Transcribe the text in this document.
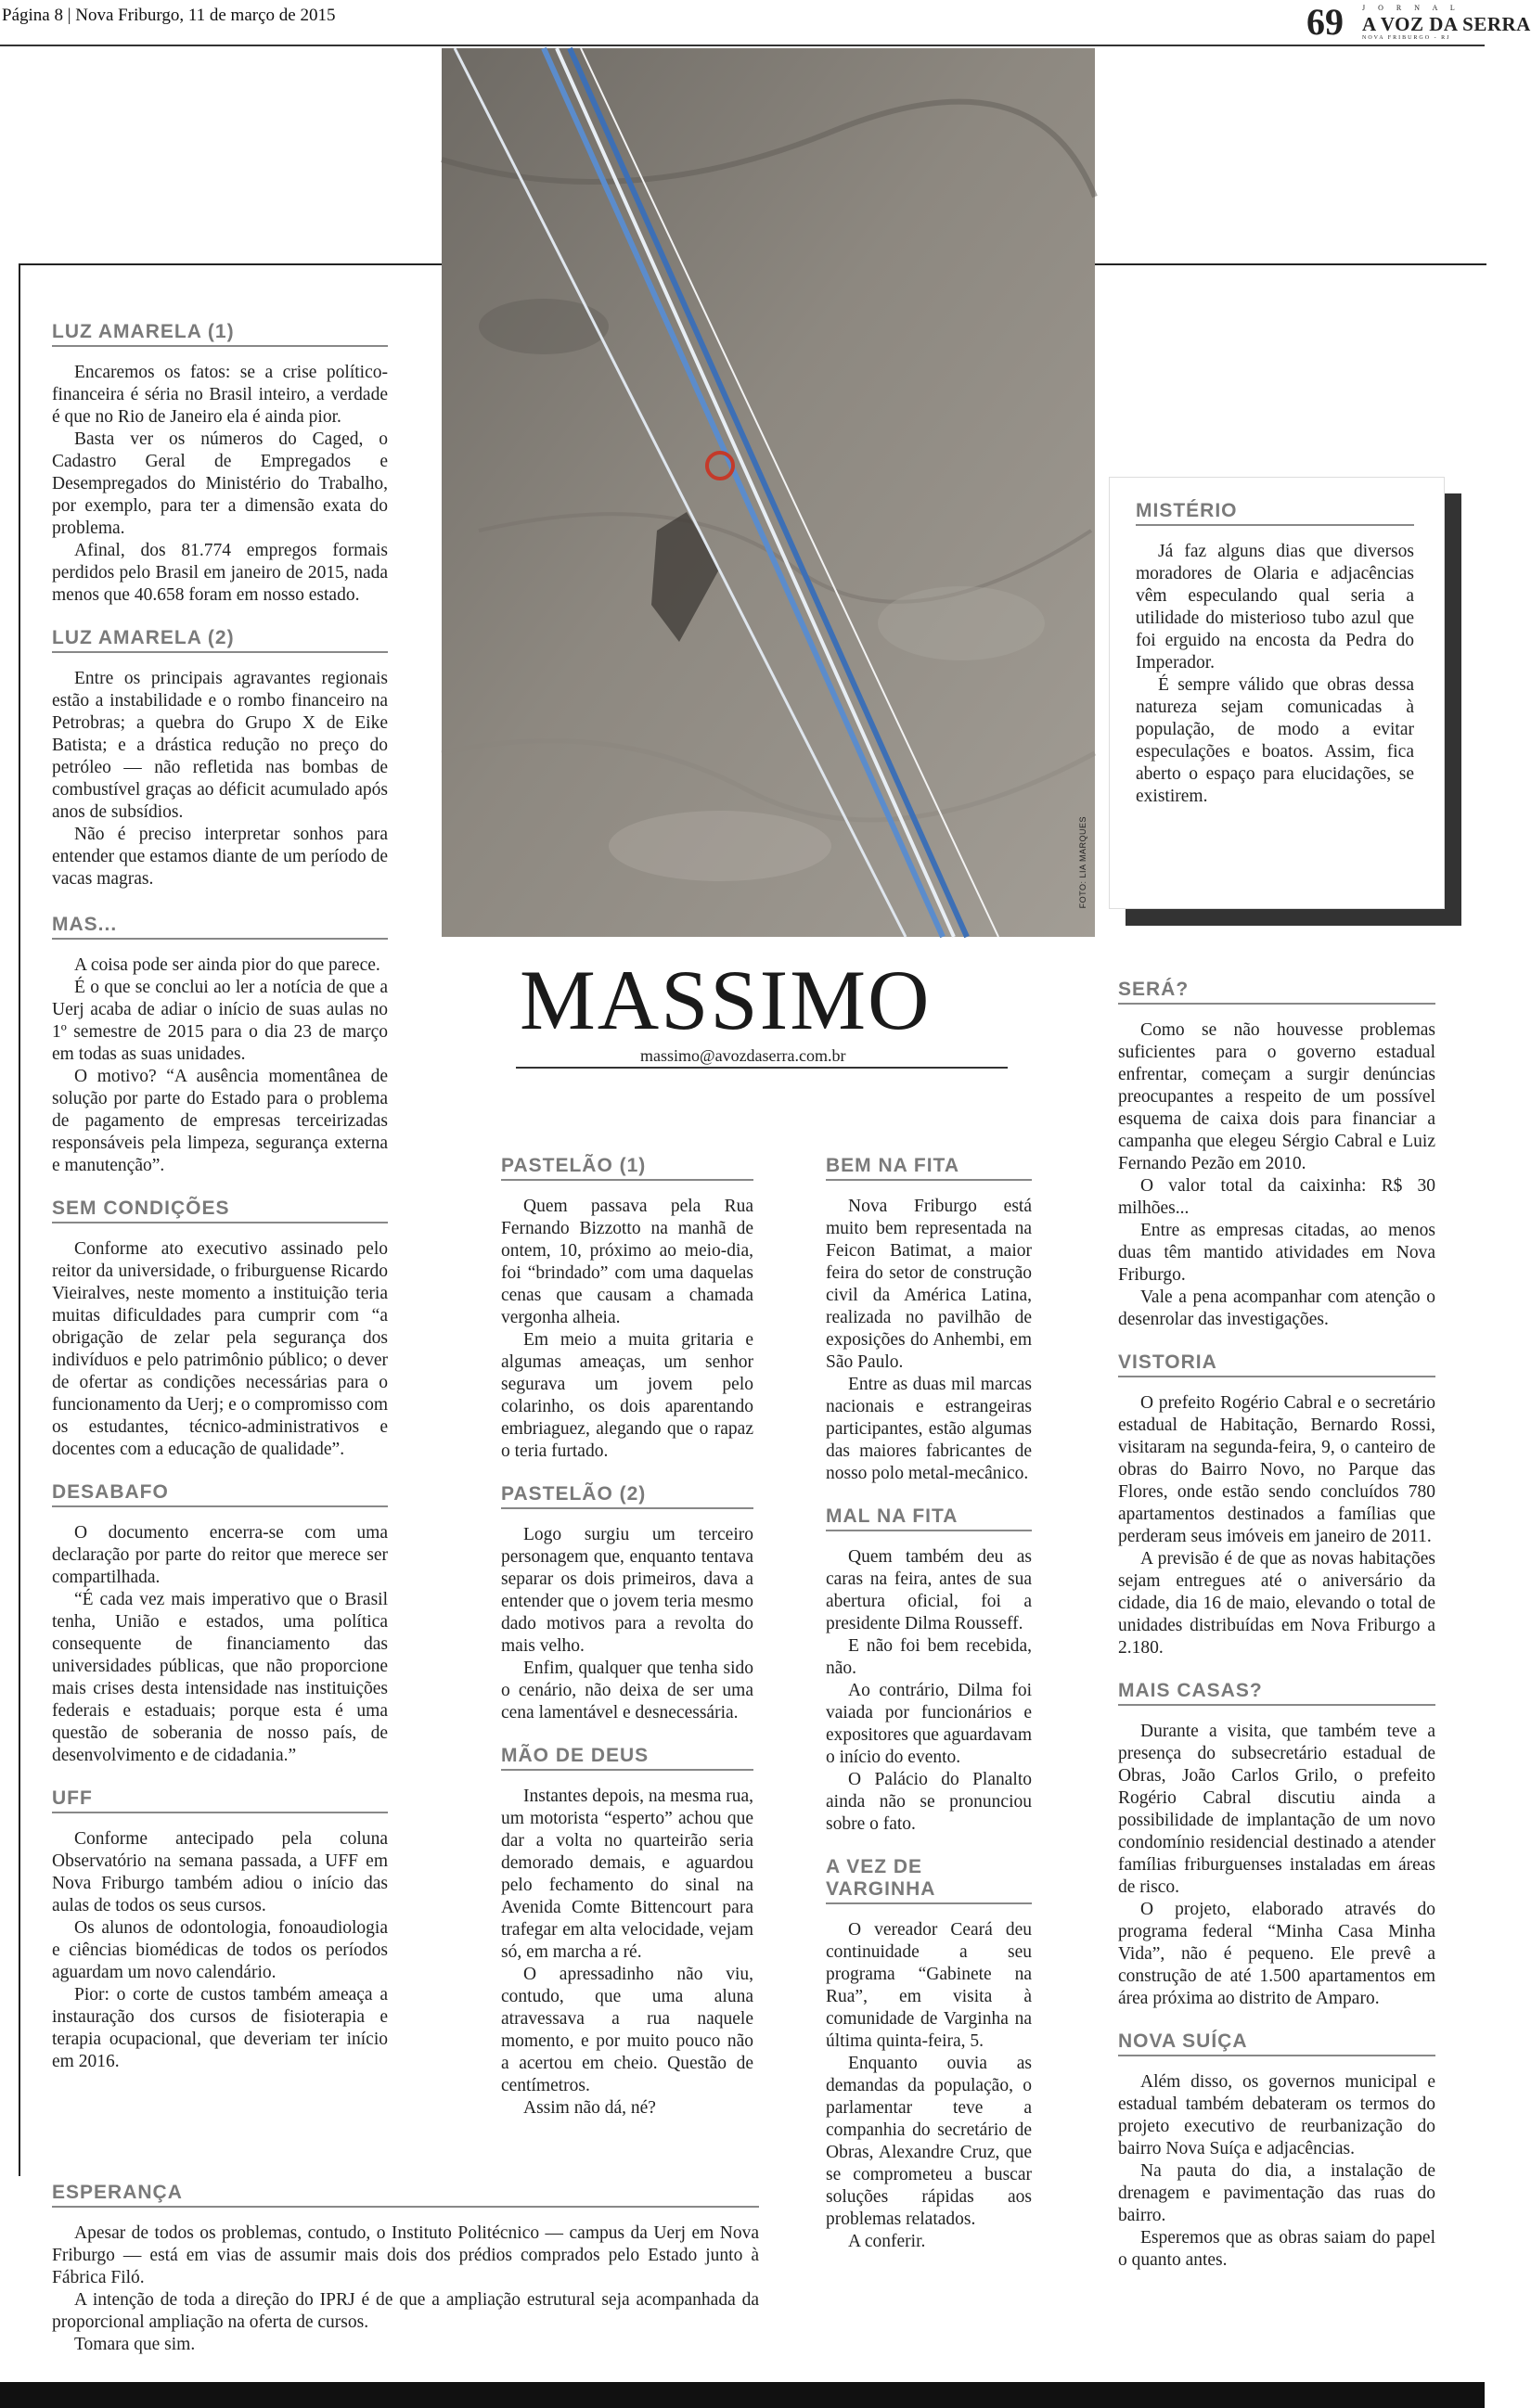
Página 8 | Nova Friburgo, 11 de março de 2015	69	J O R N A L
A VOZ DA SERRA
NOVA FRIBURGO - RJ
FOTO: LIA MARQUES
LUZ AMARELA (1)

Encaremos os fatos: se a crise político-financeira é séria no Brasil inteiro, a verdade é que no Rio de Janeiro ela é ainda pior.

Basta ver os números do Caged, o Cadastro Geral de Empregados e Desempregados do Ministério do Trabalho, por exemplo, para ter a dimensão exata do problema.

Afinal, dos 81.774 empregos formais perdidos pelo Brasil em janeiro de 2015, nada menos que 40.658 foram em nosso estado.

LUZ AMARELA (2)

Entre os principais agravantes regionais estão a instabilidade e o rombo financeiro na Petrobras; a quebra do Grupo X de Eike Batista; e a drástica redução no preço do petróleo — não refletida nas bombas de combustível graças ao déficit acumulado após anos de subsídios.

Não é preciso interpretar sonhos para entender que estamos diante de um período de vacas magras.

MAS...

A coisa pode ser ainda pior do que parece.

É o que se conclui ao ler a notícia de que a Uerj acaba de adiar o início de suas aulas no 1º semestre de 2015 para o dia 23 de março em todas as suas unidades.

O motivo? “A ausência momentânea de solução por parte do Estado para o problema de pagamento de empresas terceirizadas responsáveis pela limpeza, segurança externa e manutenção”.

SEM CONDIÇÕES

Conforme ato executivo assinado pelo reitor da universidade, o friburguense Ricardo Vieiralves, neste momento a instituição teria muitas dificuldades para cumprir com “a obrigação de zelar pela segurança dos indivíduos e pelo patrimônio público; o dever de ofertar as condições necessárias para o funcionamento da Uerj; e o compromisso com os estudantes, técnico-administrativos e docentes com a educação de qualidade”.

DESABAFO

O documento encerra-se com uma declaração por parte do reitor que merece ser compartilhada.

“É cada vez mais imperativo que o Brasil tenha, União e estados, uma política consequente de financiamento das universidades públicas, que não proporcione mais crises desta intensidade nas instituições federais e estaduais; porque esta é uma questão de soberania de nosso país, de desenvolvimento e de cidadania.”

UFF

Conforme antecipado pela coluna Observatório na semana passada, a UFF em Nova Friburgo também adiou o início das aulas de todos os seus cursos.

Os alunos de odontologia, fonoaudiologia e ciências biomédicas de todos os períodos aguardam um novo calendário.

Pior: o corte de custos também ameaça a instauração dos cursos de fisioterapia e terapia ocupacional, que deveriam ter início em 2016.

ESPERANÇA

Apesar de todos os problemas, contudo, o Instituto Politécnico — campus da Uerj em Nova Friburgo — está em vias de assumir mais dois dos prédios comprados pelo Estado junto à Fábrica Filó.

A intenção de toda a direção do IPRJ é de que a ampliação estrutural seja acompanhada da proporcional ampliação na oferta de cursos.

Tomara que sim.

MISTÉRIO

Já faz alguns dias que diversos moradores de Olaria e adjacências vêm especulando qual seria a utilidade do misterioso tubo azul que foi erguido na encosta da Pedra do Imperador.

É sempre válido que obras dessa natureza sejam comunicadas à população, de modo a evitar especulações e boatos. Assim, fica aberto o espaço para elucidações, se existirem.

MASSIMO
massimo@avozdaserra.com.br
PASTELÃO (1)

Quem passava pela Rua Fernando Bizzotto na manhã de ontem, 10, próximo ao meio-dia, foi “brindado” com uma daquelas cenas que causam a chamada vergonha alheia.

Em meio a muita gritaria e algumas ameaças, um senhor segurava um jovem pelo colarinho, os dois aparentando embriaguez, alegando que o rapaz o teria furtado.

PASTELÃO (2)

Logo surgiu um terceiro personagem que, enquanto tentava separar os dois primeiros, dava a entender que o jovem teria mesmo dado motivos para a revolta do mais velho.

Enfim, qualquer que tenha sido o cenário, não deixa de ser uma cena lamentável e desnecessária.

MÃO DE DEUS

Instantes depois, na mesma rua, um motorista “esperto” achou que dar a volta no quarteirão seria demorado demais, e aguardou pelo fechamento do sinal na Avenida Comte Bittencourt para trafegar em alta velocidade, vejam só, em marcha a ré.

O apressadinho não viu, contudo, que uma aluna atravessava a rua naquele momento, e por muito pouco não a acertou em cheio. Questão de centímetros.

Assim não dá, né?

BEM NA FITA

Nova Friburgo está muito bem representada na Feicon Batimat, a maior feira do setor de construção civil da América Latina, realizada no pavilhão de exposições do Anhembi, em São Paulo.

Entre as duas mil marcas nacionais e estrangeiras participantes, estão algumas das maiores fabricantes de nosso polo metal-mecânico.

MAL NA FITA

Quem também deu as caras na feira, antes de sua abertura oficial, foi a presidente Dilma Rousseff.

E não foi bem recebida, não.

Ao contrário, Dilma foi vaiada por funcionários e expositores que aguardavam o início do evento.

O Palácio do Planalto ainda não se pronunciou sobre o fato.

A VEZ DE VARGINHA

O vereador Ceará deu continuidade a seu programa “Gabinete na Rua”, em visita à comunidade de Varginha na última quinta-feira, 5.

Enquanto ouvia as demandas da população, o parlamentar teve a companhia do secretário de Obras, Alexandre Cruz, que se comprometeu a buscar soluções rápidas aos problemas relatados.

A conferir.

SERÁ?

Como se não houvesse problemas suficientes para o governo estadual enfrentar, começam a surgir denúncias preocupantes a respeito de um possível esquema de caixa dois para financiar a campanha que elegeu Sérgio Cabral e Luiz Fernando Pezão em 2010.

O valor total da caixinha: R$ 30 milhões...

Entre as empresas citadas, ao menos duas têm mantido atividades em Nova Friburgo.

Vale a pena acompanhar com atenção o desenrolar das investigações.

VISTORIA

O prefeito Rogério Cabral e o secretário estadual de Habitação, Bernardo Rossi, visitaram na segunda-feira, 9, o canteiro de obras do Bairro Novo, no Parque das Flores, onde estão sendo concluídos 780 apartamentos destinados a famílias que perderam seus imóveis em janeiro de 2011.

A previsão é de que as novas habitações sejam entregues até o aniversário da cidade, dia 16 de maio, elevando o total de unidades distribuídas em Nova Friburgo a 2.180.

MAIS CASAS?

Durante a visita, que também teve a presença do subsecretário estadual de Obras, João Carlos Grilo, o prefeito Rogério Cabral discutiu ainda a possibilidade de implantação de um novo condomínio residencial destinado a atender famílias friburguenses instaladas em áreas de risco.

O projeto, elaborado através do programa federal “Minha Casa Minha Vida”, não é pequeno. Ele prevê a construção de até 1.500 apartamentos em área próxima ao distrito de Amparo.

NOVA SUÍÇA

Além disso, os governos municipal e estadual também debateram os termos do projeto executivo de reurbanização do bairro Nova Suíça e adjacências.

Na pauta do dia, a instalação de drenagem e pavimentação das ruas do bairro.

Esperemos que as obras saiam do papel o quanto antes.
